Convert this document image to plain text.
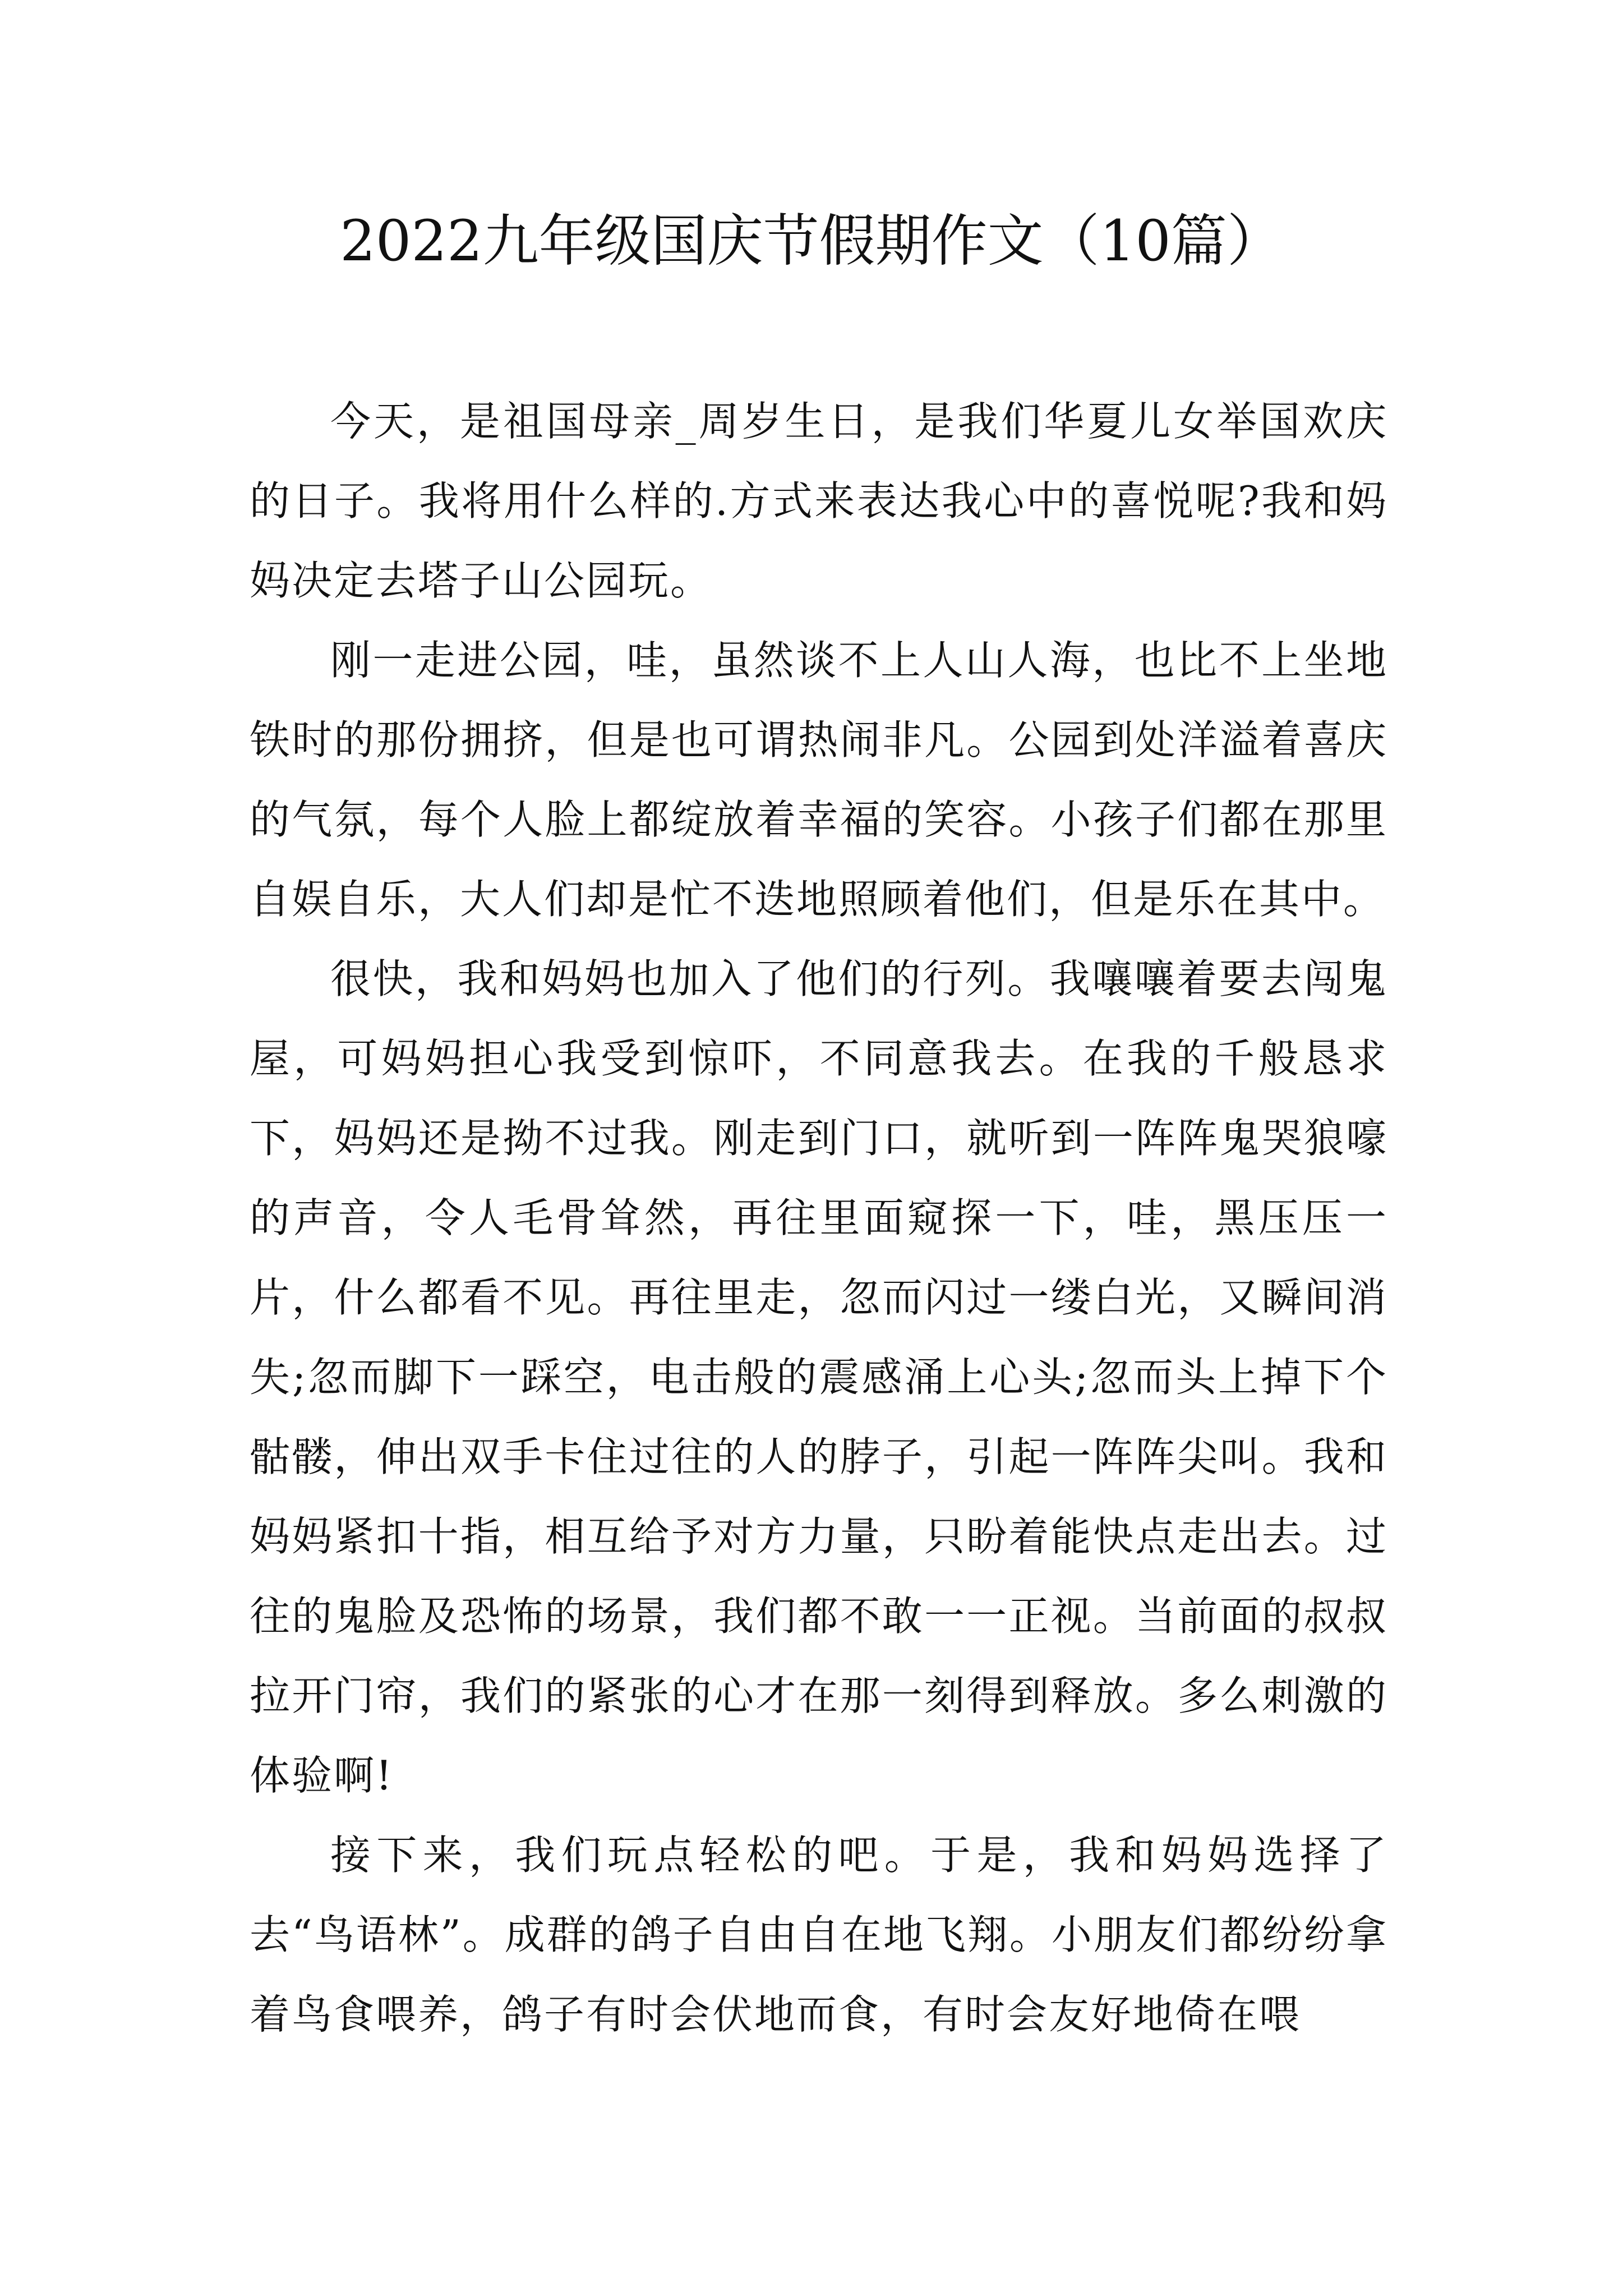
2022九年级国庆节假期作文（10篇）

今天，是祖国母亲_周岁生日，是我们华夏儿女举国欢庆的日子。我将用什么样的.方式来表达我心中的喜悦呢?我和妈妈决定去塔子山公园玩。

刚一走进公园，哇，虽然谈不上人山人海，也比不上坐地铁时的那份拥挤，但是也可谓热闹非凡。公园到处洋溢着喜庆的气氛，每个人脸上都绽放着幸福的笑容。小孩子们都在那里自娱自乐，大人们却是忙不迭地照顾着他们，但是乐在其中。

很快，我和妈妈也加入了他们的行列。我嚷嚷着要去闯鬼屋，可妈妈担心我受到惊吓，不同意我去。在我的千般恳求下，妈妈还是拗不过我。刚走到门口，就听到一阵阵鬼哭狼嚎的声音，令人毛骨耸然，再往里面窥探一下，哇，黑压压一片，什么都看不见。再往里走，忽而闪过一缕白光，又瞬间消失;忽而脚下一踩空，电击般的震感涌上心头;忽而头上掉下个骷髅，伸出双手卡住过往的人的脖子，引起一阵阵尖叫。我和妈妈紧扣十指，相互给予对方力量，只盼着能快点走出去。过往的鬼脸及恐怖的场景，我们都不敢一一正视。当前面的叔叔拉开门帘，我们的紧张的心才在那一刻得到释放。多么刺激的体验啊!

接下来，我们玩点轻松的吧。于是，我和妈妈选择了去“鸟语林”。成群的鸽子自由自在地飞翔。小朋友们都纷纷拿着鸟食喂养，鸽子有时会伏地而食，有时会友好地倚在喂
